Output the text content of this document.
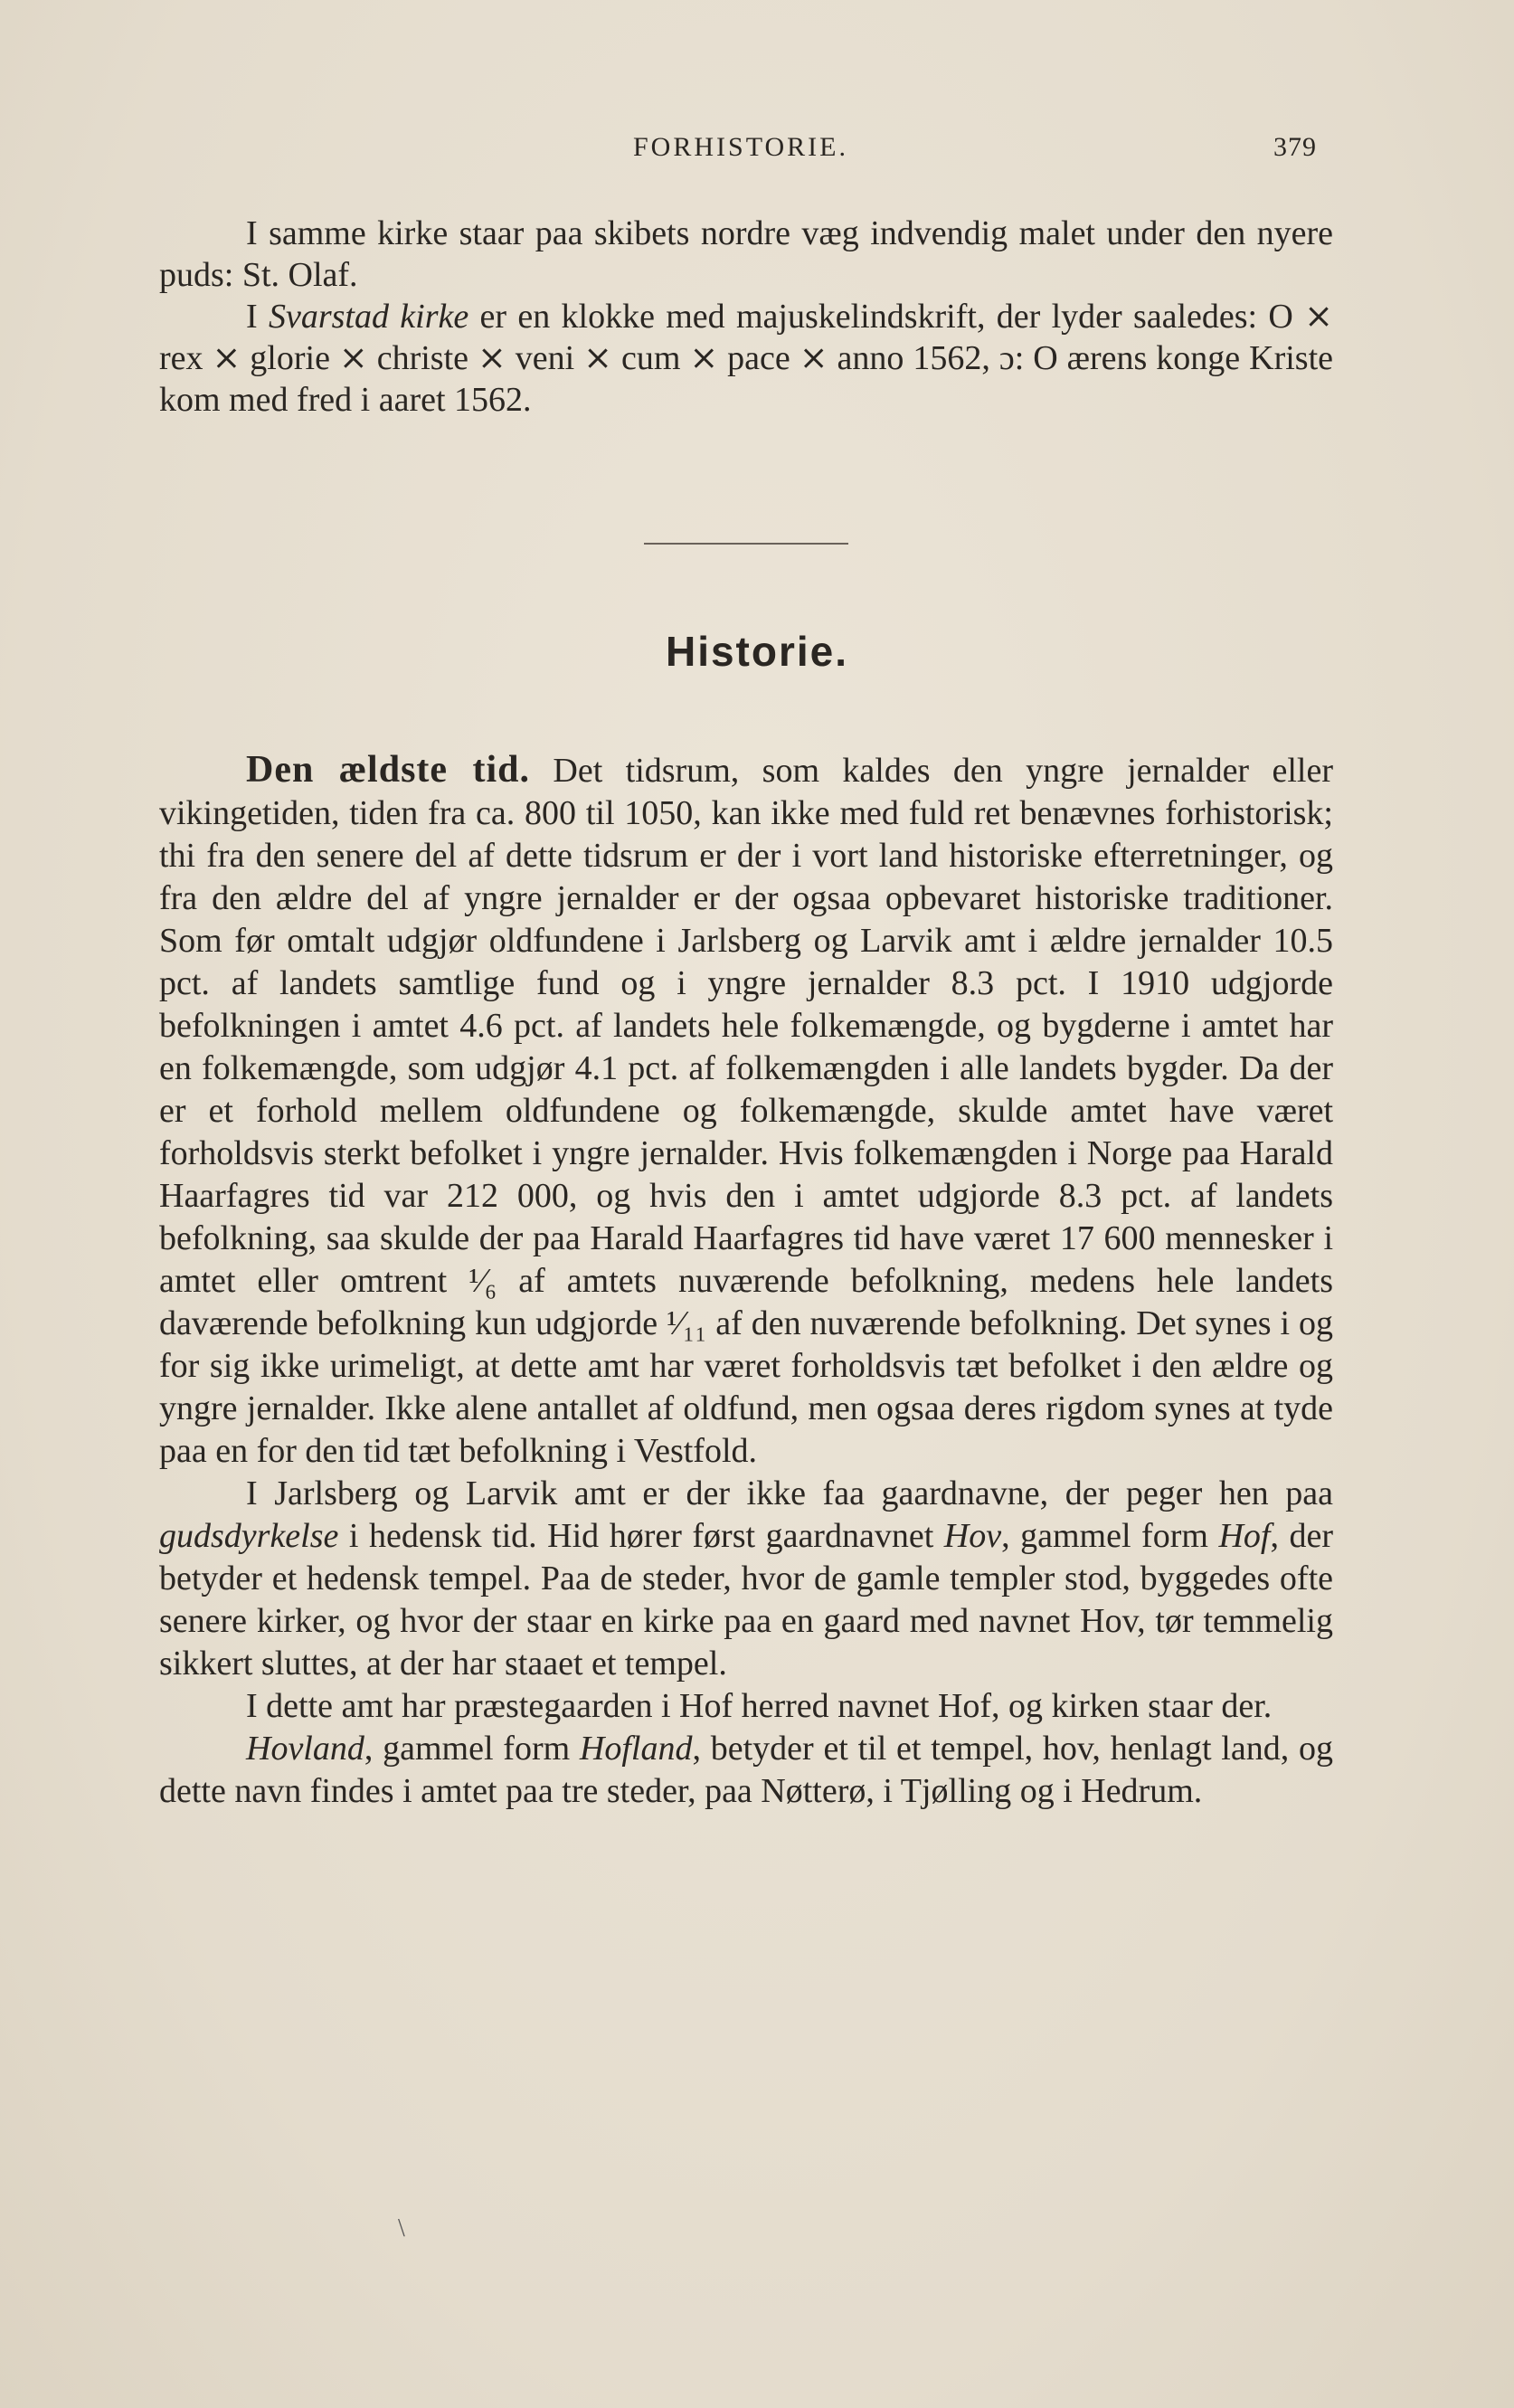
FORHISTORIE.	379

I samme kirke staar paa skibets nordre væg indvendig malet under den nyere puds: St. Olaf.

I Svarstad kirke er en klokke med majuskelindskrift, der lyder saaledes: O ⨯ rex ⨯ glorie ⨯ christe ⨯ veni ⨯ cum ⨯ pace ⨯ anno 1562, ɔ: O ærens konge Kriste kom med fred i aaret 1562.

Historie.

Den ældste tid. Det tidsrum, som kaldes den yngre jernalder eller vikingetiden, tiden fra ca. 800 til 1050, kan ikke med fuld ret benævnes forhistorisk; thi fra den senere del af dette tidsrum er der i vort land historiske efterretninger, og fra den ældre del af yngre jernalder er der ogsaa opbevaret historiske traditioner. Som før omtalt udgjør oldfundene i Jarlsberg og Larvik amt i ældre jernalder 10.5 pct. af landets samtlige fund og i yngre jernalder 8.3 pct. I 1910 udgjorde befolkningen i amtet 4.6 pct. af landets hele folkemængde, og bygderne i amtet har en folkemængde, som udgjør 4.1 pct. af folkemængden i alle landets bygder. Da der er et forhold mellem oldfundene og folkemængde, skulde amtet have været forholdsvis sterkt befolket i yngre jernalder. Hvis folkemængden i Norge paa Harald Haarfagres tid var 212 000, og hvis den i amtet udgjorde 8.3 pct. af landets befolkning, saa skulde der paa Harald Haarfagres tid have været 17 600 mennesker i amtet eller omtrent ¹⁄₆ af amtets nuværende befolkning, medens hele landets daværende befolkning kun udgjorde ¹⁄₁₁ af den nuværende befolkning. Det synes i og for sig ikke urimeligt, at dette amt har været forholdsvis tæt befolket i den ældre og yngre jernalder. Ikke alene antallet af oldfund, men ogsaa deres rigdom synes at tyde paa en for den tid tæt befolkning i Vestfold.

I Jarlsberg og Larvik amt er der ikke faa gaardnavne, der peger hen paa gudsdyrkelse i hedensk tid. Hid hører først gaardnavnet Hov, gammel form Hof, der betyder et hedensk tempel. Paa de steder, hvor de gamle templer stod, byggedes ofte senere kirker, og hvor der staar en kirke paa en gaard med navnet Hov, tør temmelig sikkert sluttes, at der har staaet et tempel.

I dette amt har præstegaarden i Hof herred navnet Hof, og kirken staar der.

Hovland, gammel form Hofland, betyder et til et tempel, hov, henlagt land, og dette navn findes i amtet paa tre steder, paa Nøtterø, i Tjølling og i Hedrum.

\
